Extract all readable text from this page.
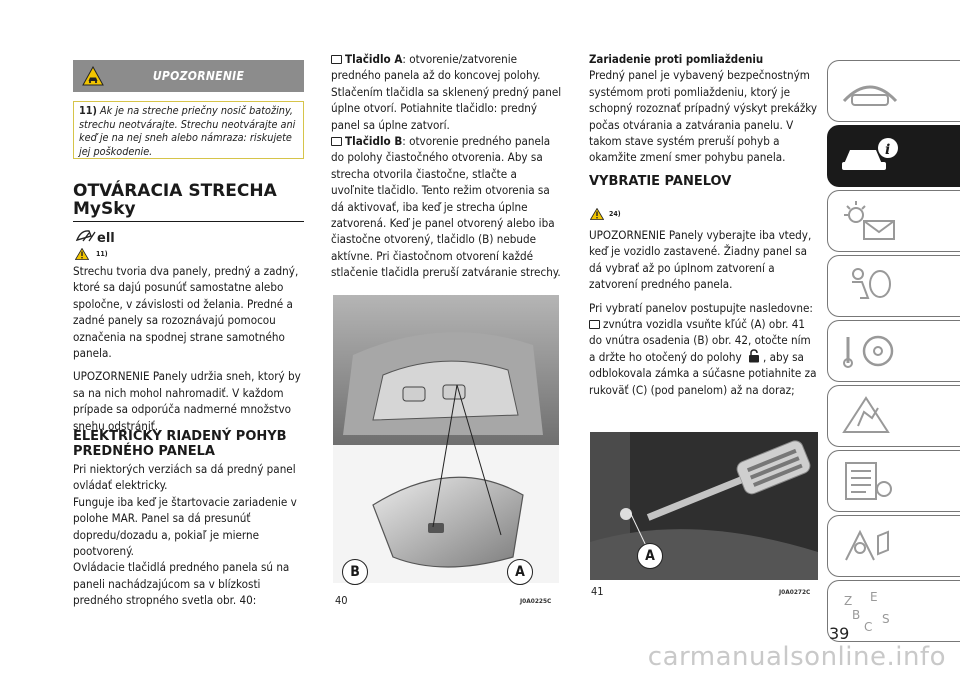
UPOZORNENIE
11) Ak je na streche priečny nosič batožiny, strechu neotvárajte. Strechu neotvárajte ani keď je na nej sneh alebo námraza: riskujete jej poškodenie.
OTVÁRACIA STRECHA
MySky
ell
11)

Strechu tvoria dva panely, predný a zadný, ktoré sa dajú posunúť samostatne alebo spoločne, v závislosti od želania. Predné a zadné panely sa rozoznávajú pomocou označenia na spodnej strane samotného panela.

UPOZORNENIE Panely udržia sneh, ktorý by sa na nich mohol nahromadiť. V každom prípade sa odporúča nadmerné množstvo snehu odstrániť.

ELEKTRICKY RIADENÝ POHYB
PREDNÉHO PANELA

Pri niektorých verziách sa dá predný panel ovládať elektricky.

Funguje iba keď je štartovacie zariadenie v polohe MAR. Panel sa dá presunúť dopredu/dozadu a, pokiaľ je mierne pootvorený.

Ovládacie tlačidlá predného panela sú na paneli nachádzajúcom sa v blízkosti predného stropného svetla obr. 40:

Tlačidlo A: otvorenie/zatvorenie predného panela až do koncovej polohy. Stlačením tlačidla sa sklenený predný panel úplne otvorí. Potiahnite tlačidlo: predný panel sa úplne zatvorí.

Tlačidlo B: otvorenie predného panela do polohy čiastočného otvorenia. Aby sa strecha otvorila čiastočne, stlačte a uvoľnite tlačidlo. Tento režim otvorenia sa dá aktivovať, iba keď je strecha úplne zatvorená. Keď je panel otvorený alebo iba čiastočne otvorený, tlačidlo (B) nebude aktívne. Pri čiastočnom otvorení každé stlačenie tlačidla preruší zatváranie strechy.

B	A
40	J0A0225C

Zariadenie proti pomliaždeniu

Predný panel je vybavený bezpečnostným systémom proti pomliaždeniu, ktorý je schopný rozoznať prípadný výskyt prekážky počas otvárania a zatvárania panelu. V takom stave systém preruší pohyb a okamžite zmení smer pohybu panela.

VYBRATIE PANELOV

24)

UPOZORNENIE Panely vyberajte iba vtedy, keď je vozidlo zastavené. Žiadny panel sa dá vybrať až po úplnom zatvorení a zatvorení predného panela.

Pri vybratí panelov postupujte nasledovne:

zvnútra vozidla vsuňte kľúč (A) obr. 41 do vnútra osadenia (B) obr. 42, otočte ním a držte ho otočený do polohy , aby sa odblokovala zámka a súčasne potiahnite za rukoväť (C) (pod panelom) až na doraz;

A
41	J0A0272C
i
Z E
B
C
S
39
carmanualsonline.info
